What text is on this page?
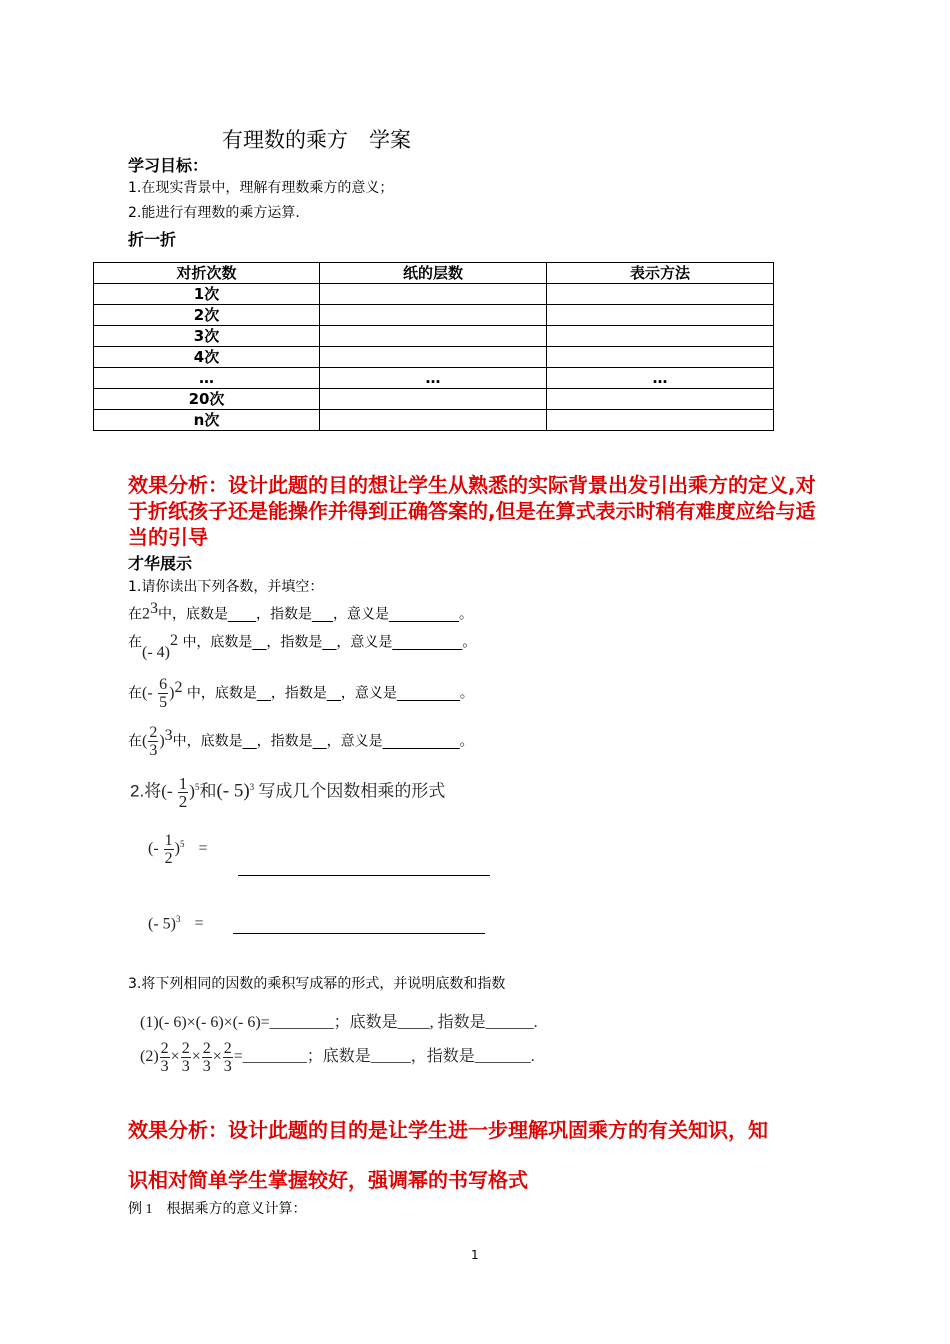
有理数的乘方　学案
学习目标：
1.在现实背景中，理解有理数乘方的意义；
2.能进行有理数的乘方运算.
折一折
对折次数	纸的层数	表示方法
1次		
2次		
3次		
4次		
…	…	…
20次		
n次		
效果分析：设计此题的目的想让学生从熟悉的实际背景出发引出乘方的定义,对于折纸孩子还是能操作并得到正确答案的,但是在算式表示时稍有难度应给与适当的引导
才华展示
1.请你读出下列各数，并填空：
在$2^3$中，底数是____，指数是___，意义是__________。
在(- 4)$^2$ 中，底数是__，指数是__，意义是__________。
在(- $\frac{6}{5} )^2$ 中，底数是__，指数是__，意义是_________。
在( $\frac{2}{3} )^3$中，底数是__，指数是__，意义是___________。
2.将(- $\frac{1}{2} )^5$和(- 5)$^3$ 写成几个因数相乘的形式
(- $\frac{1}{2} )^5$ =
(- 5)$^3$ =
3.将下列相同的因数的乘积写成幂的形式，并说明底数和指数
(1)(- 6)×(- 6)×(- 6)=________；底数是____, 指数是______.
$(2) \frac{2}{3} \times \frac{2}{3} \times \frac{2}{3} \times \frac{2}{3}$ =________；底数是_____，指数是_______.
效果分析：设计此题的目的是让学生进一步理解巩固乘方的有关知识，知
识相对简单学生掌握较好，强调幂的书写格式
例 1　根据乘方的意义计算：
1
